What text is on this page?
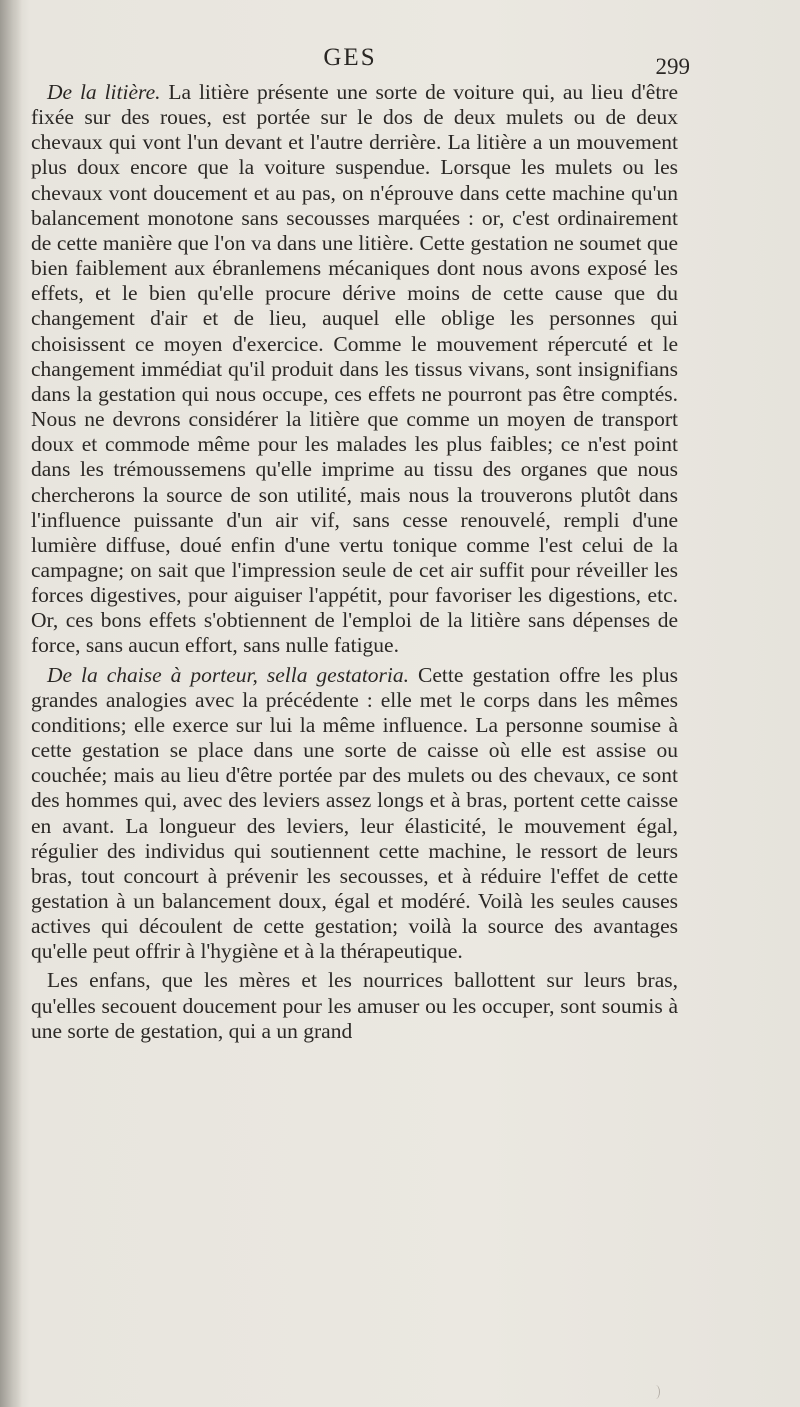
GES	299

De la litière. La litière présente une sorte de voiture qui, au lieu d'être fixée sur des roues, est portée sur le dos de deux mulets ou de deux chevaux qui vont l'un devant et l'autre derrière. La litière a un mouvement plus doux encore que la voiture suspendue. Lorsque les mulets ou les chevaux vont doucement et au pas, on n'éprouve dans cette machine qu'un balancement monotone sans secousses marquées : or, c'est ordinairement de cette manière que l'on va dans une litière. Cette gestation ne soumet que bien faiblement aux ébranlemens mécaniques dont nous avons exposé les effets, et le bien qu'elle procure dérive moins de cette cause que du changement d'air et de lieu, auquel elle oblige les personnes qui choisissent ce moyen d'exercice. Comme le mouvement répercuté et le changement immédiat qu'il produit dans les tissus vivans, sont insignifians dans la gestation qui nous occupe, ces effets ne pourront pas être comptés. Nous ne devrons considérer la litière que comme un moyen de transport doux et commode même pour les malades les plus faibles; ce n'est point dans les trémoussemens qu'elle imprime au tissu des organes que nous chercherons la source de son utilité, mais nous la trouverons plutôt dans l'influence puissante d'un air vif, sans cesse renouvelé, rempli d'une lumière diffuse, doué enfin d'une vertu tonique comme l'est celui de la campagne; on sait que l'impression seule de cet air suffit pour réveiller les forces digestives, pour aiguiser l'appétit, pour favoriser les digestions, etc. Or, ces bons effets s'obtiennent de l'emploi de la litière sans dépenses de force, sans aucun effort, sans nulle fatigue.

De la chaise à porteur, sella gestatoria. Cette gestation offre les plus grandes analogies avec la précédente : elle met le corps dans les mêmes conditions; elle exerce sur lui la même influence. La personne soumise à cette gestation se place dans une sorte de caisse où elle est assise ou couchée; mais au lieu d'être portée par des mulets ou des chevaux, ce sont des hommes qui, avec des leviers assez longs et à bras, portent cette caisse en avant. La longueur des leviers, leur élasticité, le mouvement égal, régulier des individus qui soutiennent cette machine, le ressort de leurs bras, tout concourt à prévenir les secousses, et à réduire l'effet de cette gestation à un balancement doux, égal et modéré. Voilà les seules causes actives qui découlent de cette gestation; voilà la source des avantages qu'elle peut offrir à l'hygiène et à la thérapeutique.

Les enfans, que les mères et les nourrices ballottent sur leurs bras, qu'elles secouent doucement pour les amuser ou les occuper, sont soumis à une sorte de gestation, qui a un grand
